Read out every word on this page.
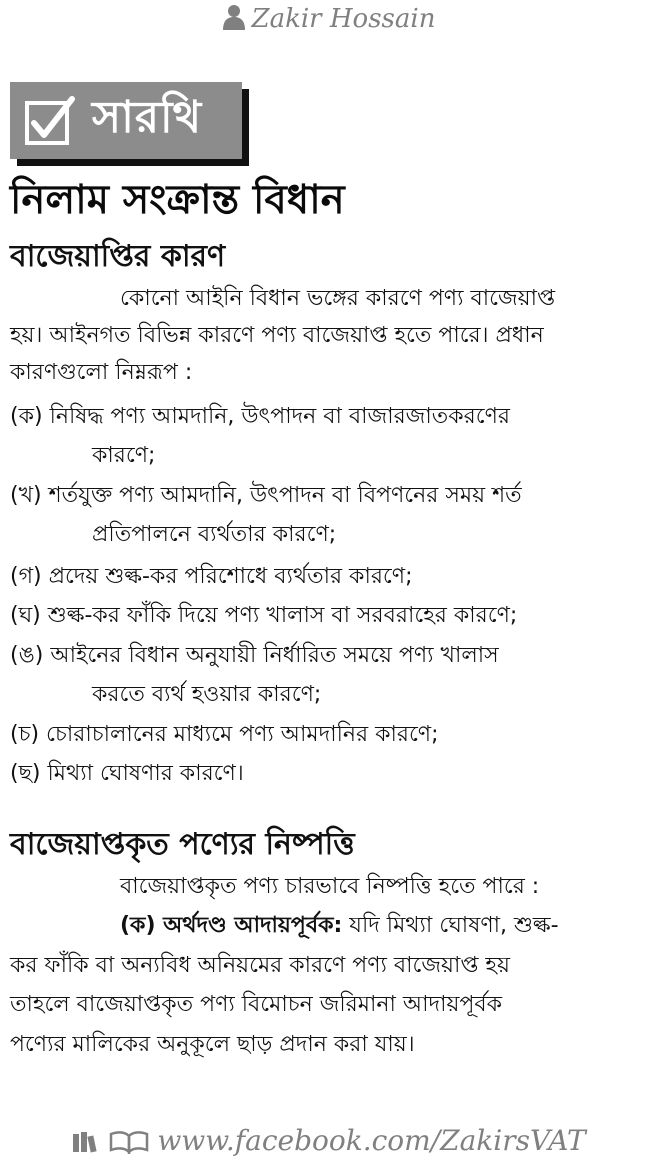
Zakir Hossain
সারথি
নিলাম সংক্রান্ত বিধান
বাজেয়াপ্তির কারণ

কোনো আইনি বিধান ভঙ্গের কারণে পণ্য বাজেয়াপ্ত

হয়। আইনগত বিভিন্ন কারণে পণ্য বাজেয়াপ্ত হতে পারে। প্রধান

কারণগুলো নিম্নরূপ :

(ক) নিষিদ্ধ পণ্য আমদানি, উৎপাদন বা বাজারজাতকরণের

কারণে;

(খ) শর্তযুক্ত পণ্য আমদানি, উৎপাদন বা বিপণনের সময় শর্ত

প্রতিপালনে ব্যর্থতার কারণে;

(গ) প্রদেয় শুল্ক-কর পরিশোধে ব্যর্থতার কারণে;

(ঘ) শুল্ক-কর ফাঁকি দিয়ে পণ্য খালাস বা সরবরাহের কারণে;

(ঙ) আইনের বিধান অনুযায়ী নির্ধারিত সময়ে পণ্য খালাস

করতে ব্যর্থ হওয়ার কারণে;

(চ) চোরাচালানের মাধ্যমে পণ্য আমদানির কারণে;

(ছ) মিথ্যা ঘোষণার কারণে।

বাজেয়াপ্তকৃত পণ্যের নিষ্পত্তি

বাজেয়াপ্তকৃত পণ্য চারভাবে নিষ্পত্তি হতে পারে :

(ক) অর্থদণ্ড আদায়পূর্বক: যদি মিথ্যা ঘোষণা, শুল্ক-

কর ফাঁকি বা অন্যবিধ অনিয়মের কারণে পণ্য বাজেয়াপ্ত হয়

তাহলে বাজেয়াপ্তকৃত পণ্য বিমোচন জরিমানা আদায়পূর্বক

পণ্যের মালিকের অনুকূলে ছাড় প্রদান করা যায়।

www.facebook.com/ZakirsVAT
